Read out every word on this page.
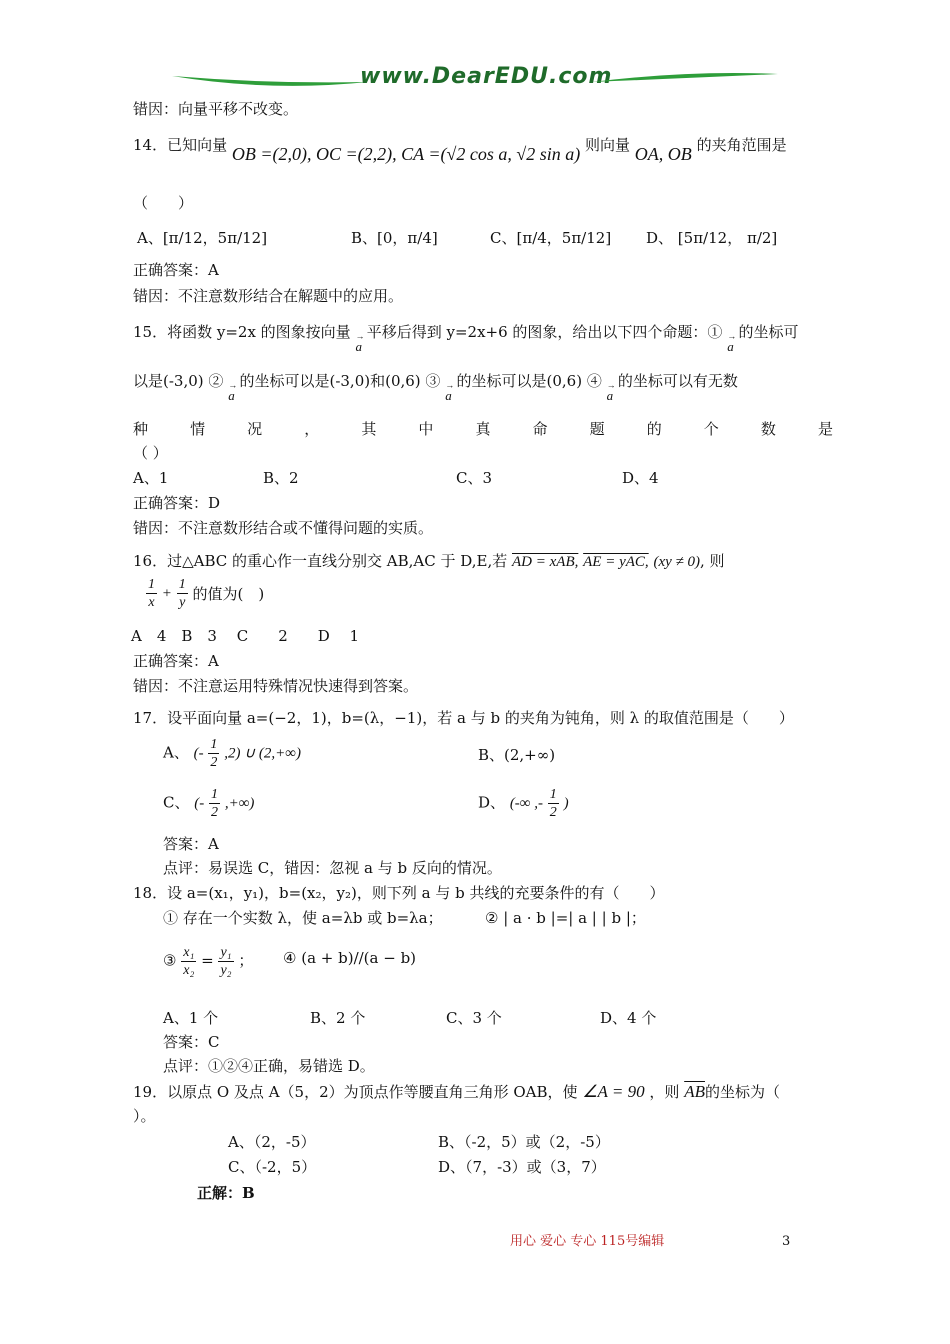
www.DearEDU.com
错因：向量平移不改变。
14．已知向量 OB =(2,0), OC =(2,2), CA =(√2 cos a, √2 sin a) 则向量 OA, OB 的夹角范围是
（　　）
A、[π/12，5π/12]	B、[0，π/4]	C、[π/4，5π/12] D、 [5π/12， π/2]
正确答案：A
错因：不注意数形结合在解题中的应用。
15．将函数 y=2x 的图象按向量 → a 平移后得到 y=2x+6 的图象，给出以下四个命题：① → a 的坐标可
以是(-3,0) ② → a 的坐标可以是(-3,0)和(0,6) ③ → a 的坐标可以是(0,6) ④ → a 的坐标可以有无数
种	情	况	，	其	中	真	命	题	的	个	数	是
（ ）
A、1	B、2	C、3	D、4
正确答案：D
错因：不注意数形结合或不懂得问题的实质。
16．过△ABC 的重心作一直线分别交 AB,AC 于 D,E,若 AD = xAB, AE = yAC, (xy ≠ 0), 则
$\frac{1}{x} + \frac{1}{y}$ 的值为(　)
A　4　B　3　 C　　2　　D　 1
正确答案：A
错因：不注意运用特殊情况快速得到答案。
17．设平面向量 a=(−2，1)，b=(λ，−1)，若 a 与 b 的夹角为钝角，则 λ 的取值范围是（　　）
A、 (- $\frac{1}{2} ,2$) ∪ (2,+∞)	B、(2,+∞)
C、 (- $\frac{1}{2}$ ,+∞)	D、 (-∞ ,- $\frac{1}{2}$ )
答案：A
点评：易误选 C，错因：忽视 a 与 b 反向的情况。
18．设 a=(x₁，y₁)，b=(x₂，y₂)，则下列 a 与 b 共线的充要条件的有（　　）
① 存在一个实数 λ，使 a=λb 或 b=λa；	② | a · b |=| a | | b |；
③ $\frac{\text{x₁}}{\text{x₂}} = \frac{\text{y₁}}{\text{y₂}}$ ； ④ (a + b)//(a − b)
A、1 个	B、2 个	C、3 个	D、4 个
答案：C
点评：①②④正确，易错选 D。
19．以原点 O 及点 A（5，2）为顶点作等腰直角三角形 OAB，使 ∠A = 90 ，则 $\overline{AB}$的坐标为（
）。
A、（2，-5）	B、（-2，5）或（2，-5）
C、（-2，5）	D、（7，-3）或（3，7）
正解：B
用心 爱心 专心 115号编辑	3
